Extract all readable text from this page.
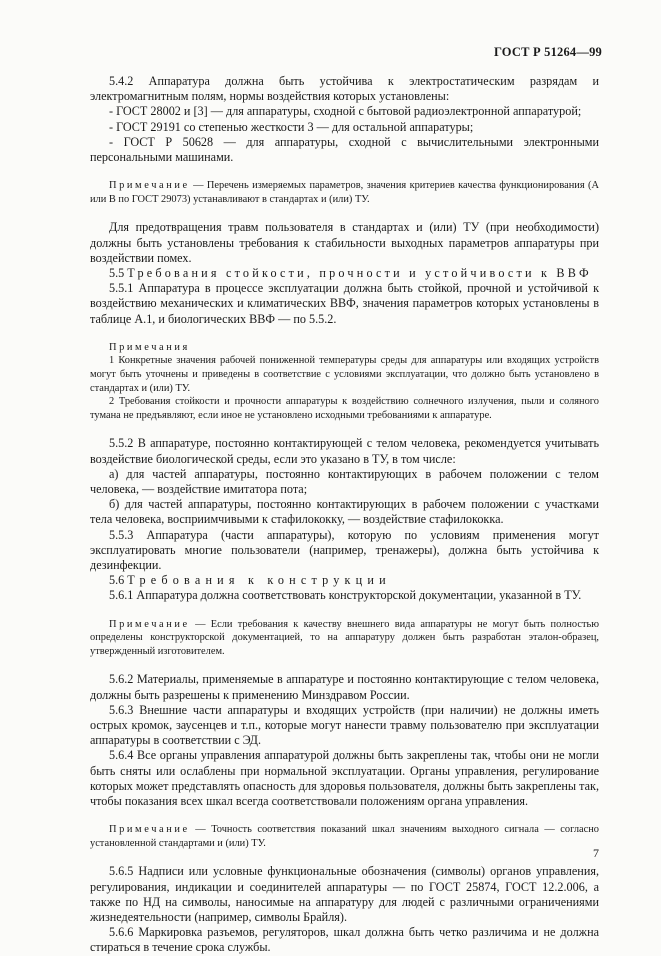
ГОСТ Р 51264—99

5.4.2 Аппаратура должна быть устойчива к электростатическим разрядам и электромагнитным полям, нормы воздействия которых установлены:

- ГОСТ 28002 и [3] — для аппаратуры, сходной с бытовой радиоэлектронной аппаратурой;

- ГОСТ 29191 со степенью жесткости 3 — для остальной аппаратуры;

- ГОСТ Р 50628 — для аппаратуры, сходной с вычислительными электронными персональными машинами.

Примечание — Перечень измеряемых параметров, значения критериев качества функционирования (А или В по ГОСТ 29073) устанавливают в стандартах и (или) ТУ.

Для предотвращения травм пользователя в стандартах и (или) ТУ (при необходимости) должны быть установлены требования к стабильности выходных параметров аппаратуры при воздействии помех.

5.5 Требования стойкости, прочности и устойчивости к ВВФ

5.5.1 Аппаратура в процессе эксплуатации должна быть стойкой, прочной и устойчивой к воздействию механических и климатических ВВФ, значения параметров которых установлены в таблице А.1, и биологических ВВФ — по 5.5.2.

Примечания

1 Конкретные значения рабочей пониженной температуры среды для аппаратуры или входящих устройств могут быть уточнены и приведены в соответствие с условиями эксплуатации, что должно быть установлено в стандартах и (или) ТУ.

2 Требования стойкости и прочности аппаратуры к воздействию солнечного излучения, пыли и соляного тумана не предъявляют, если иное не установлено исходными требованиями к аппаратуре.

5.5.2 В аппаратуре, постоянно контактирующей с телом человека, рекомендуется учитывать воздействие биологической среды, если это указано в ТУ, в том числе:

а) для частей аппаратуры, постоянно контактирующих в рабочем положении с телом человека, — воздействие имитатора пота;

б) для частей аппаратуры, постоянно контактирующих в рабочем положении с участками тела человека, восприимчивыми к стафилококку, — воздействие стафилококка.

5.5.3 Аппаратура (части аппаратуры), которую по условиям применения могут эксплуатировать многие пользователи (например, тренажеры), должна быть устойчива к дезинфекции.

5.6 Требования к конструкции

5.6.1 Аппаратура должна соответствовать конструкторской документации, указанной в ТУ.

Примечание — Если требования к качеству внешнего вида аппаратуры не могут быть полностью определены конструкторской документацией, то на аппаратуру должен быть разработан эталон-образец, утвержденный изготовителем.

5.6.2 Материалы, применяемые в аппаратуре и постоянно контактирующие с телом человека, должны быть разрешены к применению Минздравом России.

5.6.3 Внешние части аппаратуры и входящих устройств (при наличии) не должны иметь острых кромок, заусенцев и т.п., которые могут нанести травму пользователю при эксплуатации аппаратуры в соответствии с ЭД.

5.6.4 Все органы управления аппаратурой должны быть закреплены так, чтобы они не могли быть сняты или ослаблены при нормальной эксплуатации. Органы управления, регулирование которых может представлять опасность для здоровья пользователя, должны быть закреплены так, чтобы показания всех шкал всегда соответствовали положениям органа управления.

Примечание — Точность соответствия показаний шкал значениям выходного сигнала — согласно установленной стандартами и (или) ТУ.

5.6.5 Надписи или условные функциональные обозначения (символы) органов управления, регулирования, индикации и соединителей аппаратуры — по ГОСТ 25874, ГОСТ 12.2.006, а также по НД на символы, наносимые на аппаратуру для людей с различными ограничениями жизнедеятельности (например, символы Брайля).

5.6.6 Маркировка разъемов, регуляторов, шкал должна быть четко различима и не должна стираться в течение срока службы.

7
